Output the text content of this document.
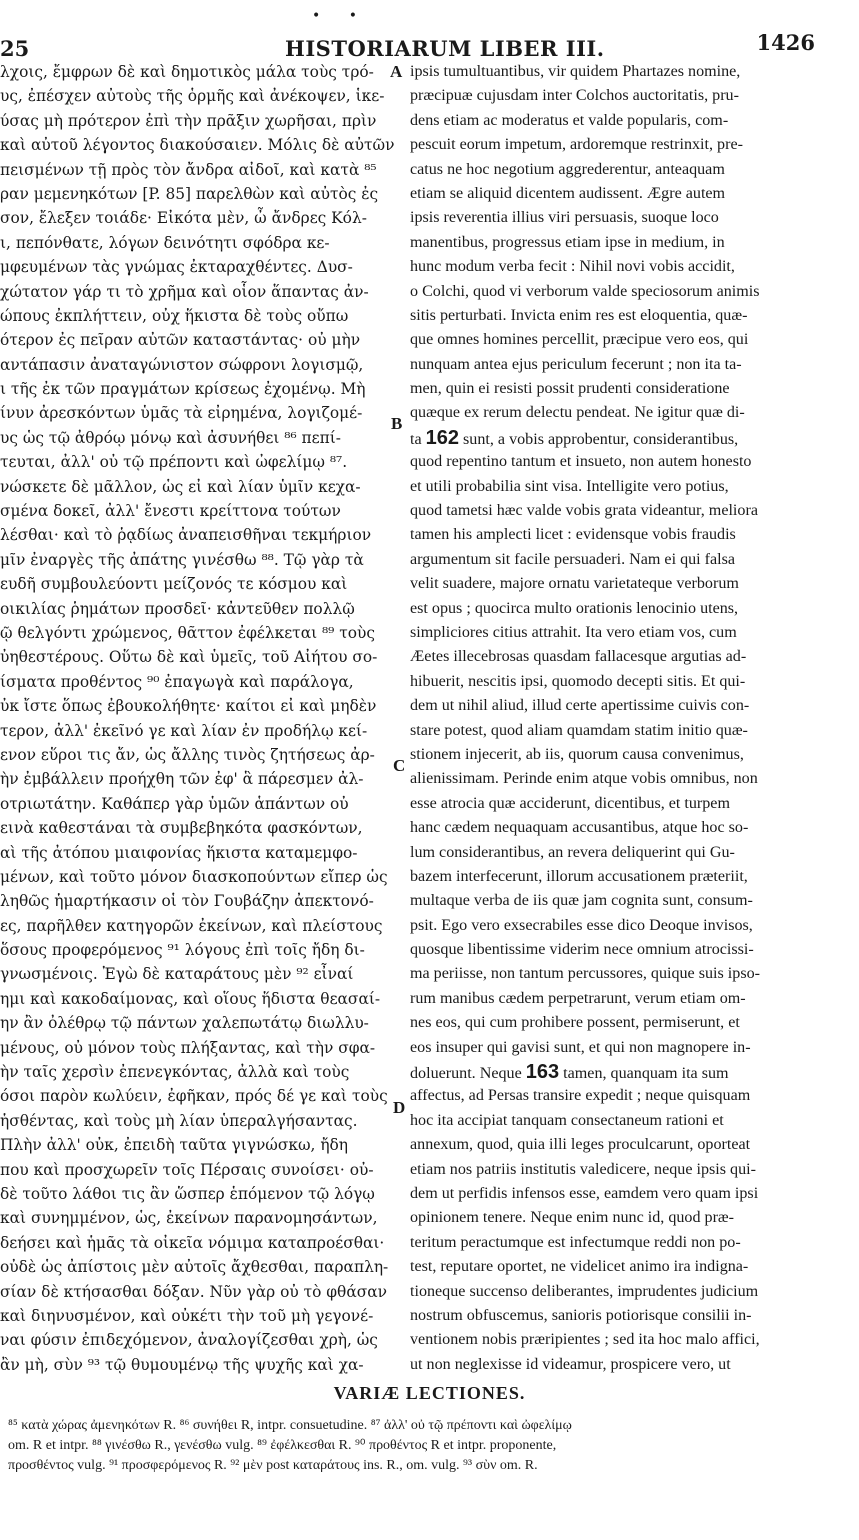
• •
25	HISTORIARUM LIBER III.	1426
λχοις, ἔμφρων δὲ καὶ δημοτικὸς μάλα τοὺς τρό-
υς, ἐπέσχεν αὐτοὺς τῆς ὁρμῆς καὶ ἀνέκοψεν, ἱκε-
ύσας μὴ πρότερον ἐπὶ τὴν πρᾶξιν χωρῆσαι, πρὶν
καὶ αὐτοῦ λέγοντος διακούσαιεν. Μόλις δὲ αὐτῶν
πεισμένων τῇ πρὸς τὸν ἄνδρα αἰδοῖ, καὶ κατὰ ⁸⁵
ραν μεμενηκότων [P. 85] παρελθὼν καὶ αὐτὸς ἐς
σον, ἔλεξεν τοιάδε· Εἰκότα μὲν, ὦ ἄνδρες Κόλ-
ι, πεπόνθατε, λόγων δεινότητι σφόδρα κε-
μφευμένων τὰς γνώμας ἐκταραχθέντες. Δυσ-
χώτατον γάρ τι τὸ χρῆμα καὶ οἷον ἅπαντας ἀν-
ώπους ἐκπλήττειν, οὐχ ἥκιστα δὲ τοὺς οὔπω
ότερον ἐς πεῖραν αὐτῶν καταστάντας· οὐ μὴν
αντάπασιν ἀναταγώνιστον σώφρονι λογισμῷ,
ι τῆς ἐκ τῶν πραγμάτων κρίσεως ἐχομένῳ. Μὴ
ίνυν ἀρεσκόντων ὑμᾶς τὰ εἰρημένα, λογιζομέ-
υς ὡς τῷ ἀθρόῳ μόνῳ καὶ ἀσυνήθει ⁸⁶ πεπί-
τευται, ἀλλ' οὐ τῷ πρέποντι καὶ ὠφελίμῳ ⁸⁷.
νώσκετε δὲ μᾶλλον, ὡς εἰ καὶ λίαν ὑμῖν κεχα-
σμένα δοκεῖ, ἀλλ' ἔνεστι κρείττονα τούτων
λέσθαι· καὶ τὸ ῥᾳδίως ἀναπεισθῆναι τεκμήριον
μῖν ἐναργὲς τῆς ἀπάτης γινέσθω ⁸⁸. Τῷ γὰρ τὰ
ευδῆ συμβουλεύοντι μείζονός τε κόσμου καὶ
οικιλίας ῥημάτων προσδεῖ· κἀντεῦθεν πολλῷ
ῷ θελγόντι χρώμενος, θᾶττον ἐφέλκεται ⁸⁹ τοὺς
ὐηθεστέρους. Οὕτω δὲ καὶ ὑμεῖς, τοῦ Αἰήτου σο-
ίσματα προθέντος ⁹⁰ ἐπαγωγὰ καὶ παράλογα,
ὐκ ἴστε ὅπως ἐβουκολήθητε· καίτοι εἰ καὶ μηδὲν
τερον, ἀλλ' ἐκεῖνό γε καὶ λίαν ἐν προδήλῳ κεί-
ενον εὕροι τις ἄν, ὡς ἄλλης τινὸς ζητήσεως ἀρ-
ὴν ἐμβάλλειν προήχθη τῶν ἐφ' ἃ πάρεσμεν ἀλ-
οτριωτάτην. Καθάπερ γὰρ ὑμῶν ἁπάντων οὐ
εινὰ καθεστάναι τὰ συμβεβηκότα φασκόντων,
αὶ τῆς ἀτόπου μιαιφονίας ἥκιστα καταμεμφο-
μένων, καὶ τοῦτο μόνον διασκοπούντων εἴπερ ὡς
ληθῶς ἡμαρτήκασιν οἱ τὸν Γουβάζην ἀπεκτονό-
ες, παρῆλθεν κατηγορῶν ἐκείνων, καὶ πλείστους
ὅσους προφερόμενος ⁹¹ λόγους ἐπὶ τοῖς ἤδη δι-
γνωσμένοις. Ἐγὼ δὲ καταράτους μὲν ⁹² εἶναί
ημι καὶ κακοδαίμονας, καὶ οἵους ἥδιστα θεασαί-
ην ἂν ὀλέθρῳ τῷ πάντων χαλεπωτάτῳ διωλλυ-
μένους, οὐ μόνον τοὺς πλήξαντας, καὶ τὴν σφα-
ὴν ταῖς χερσὶν ἐπενεγκόντας, ἀλλὰ καὶ τοὺς
όσοι παρὸν κωλύειν, ἐφῆκαν, πρός δέ γε καὶ τοὺς
ἡσθέντας, καὶ τοὺς μὴ λίαν ὑπεραλγήσαντας.
Πλὴν ἀλλ' οὐκ, ἐπειδὴ ταῦτα γιγνώσκω, ἤδη
που καὶ προσχωρεῖν τοῖς Πέρσαις συνοίσει· οὐ-
δὲ τοῦτο λάθοι τις ἂν ὥσπερ ἑπόμενον τῷ λόγῳ
καὶ συνημμένον, ὡς, ἐκείνων παρανομησάντων,
δεήσει καὶ ἡμᾶς τὰ οἰκεῖα νόμιμα καταπροέσθαι·
οὐδὲ ὡς ἀπίστοις μὲν αὐτοῖς ἄχθεσθαι, παραπλη-
σίαν δὲ κτήσασθαι δόξαν. Νῦν γὰρ οὐ τὸ φθάσαν
καὶ διηνυσμένον, καὶ οὐκέτι τὴν τοῦ μὴ γεγονέ-
ναι φύσιν ἐπιδεχόμενον, ἀναλογίζεσθαι χρὴ, ὡς
ἂν μὴ, σὺν ⁹³ τῷ θυμουμένῳ τῆς ψυχῆς καὶ χα-
ipsis tumultuantibus, vir quidem Phartazes nomine,
præcipuæ cujusdam inter Colchos auctoritatis, pru-
dens etiam ac moderatus et valde popularis, com-
pescuit eorum impetum, ardoremque restrinxit, pre-
catus ne hoc negotium aggrederentur, anteaquam
etiam se aliquid dicentem audissent. Ægre autem
ipsis reverentia illius viri persuasis, suoque loco
manentibus, progressus etiam ipse in medium, in
hunc modum verba fecit : Nihil novi vobis accidit,
o Colchi, quod vi verborum valde speciosorum animis
sitis perturbati. Invicta enim res est eloquentia, quæ-
que omnes homines percellit, præcipue vero eos, qui
nunquam antea ejus periculum fecerunt ; non ita ta-
men, quin ei resisti possit prudenti consideratione
quæque ex rerum delectu pendeat. Ne igitur quæ di-
ta 162 sunt, a vobis approbentur, considerantibus,
quod repentino tantum et insueto, non autem honesto
et utili probabilia sint visa. Intelligite vero potius,
quod tametsi hæc valde vobis grata videantur, meliora
tamen his amplecti licet : evidensque vobis fraudis
argumentum sit facile persuaderi. Nam ei qui falsa
velit suadere, majore ornatu varietateque verborum
est opus ; quocirca multo orationis lenocinio utens,
simpliciores citius attrahit. Ita vero etiam vos, cum
Æetes illecebrosas quasdam fallacesque argutias ad-
hibuerit, nescitis ipsi, quomodo decepti sitis. Et qui-
dem ut nihil aliud, illud certe apertissime cuivis con-
stare potest, quod aliam quamdam statim initio quæ-
stionem injecerit, ab iis, quorum causa convenimus,
alienissimam. Perinde enim atque vobis omnibus, non
esse atrocia quæ acciderunt, dicentibus, et turpem
hanc cædem nequaquam accusantibus, atque hoc so-
lum considerantibus, an revera deliquerint qui Gu-
bazem interfecerunt, illorum accusationem præteriit,
multaque verba de iis quæ jam cognita sunt, consum-
psit. Ego vero exsecrabiles esse dico Deoque invisos,
quosque libentissime viderim nece omnium atrocissi-
ma periisse, non tantum percussores, quique suis ipso-
rum manibus cædem perpetrarunt, verum etiam om-
nes eos, qui cum prohibere possent, permiserunt, et
eos insuper qui gavisi sunt, et qui non magnopere in-
doluerunt. Neque 163 tamen, quanquam ita sum
affectus, ad Persas transire expedit ; neque quisquam
hoc ita accipiat tanquam consectaneum rationi et
annexum, quod, quia illi leges proculcarunt, oporteat
etiam nos patriis institutis valedicere, neque ipsis qui-
dem ut perfidis infensos esse, eamdem vero quam ipsi
opinionem tenere. Neque enim nunc id, quod præ-
teritum peractumque est infectumque reddi non po-
test, reputare oportet, ne videlicet animo ira indigna-
tioneque succenso deliberantes, imprudentes judicium
nostrum obfuscemus, sanioris potiorisque consilii in-
ventionem nobis præripientes ; sed ita hoc malo affici,
ut non neglexisse id videamur, prospicere vero, ut
A
B
C
D
VARIÆ LECTIONES.
⁸⁵ κατὰ χώρας ἀμενηκότων R. ⁸⁶ συνήθει R, intpr. consuetudine. ⁸⁷ ἀλλ' οὐ τῷ πρέποντι καὶ ὠφελίμῳ
om. R et intpr. ⁸⁸ γινέσθω R., γενέσθω vulg. ⁸⁹ ἐφέλκεσθαι R. ⁹⁰ προθέντος R et intpr. proponente,
προσθέντος vulg. ⁹¹ προσφερόμενος R. ⁹² μὲν post καταράτους ins. R., om. vulg. ⁹³ σὺν om. R.
